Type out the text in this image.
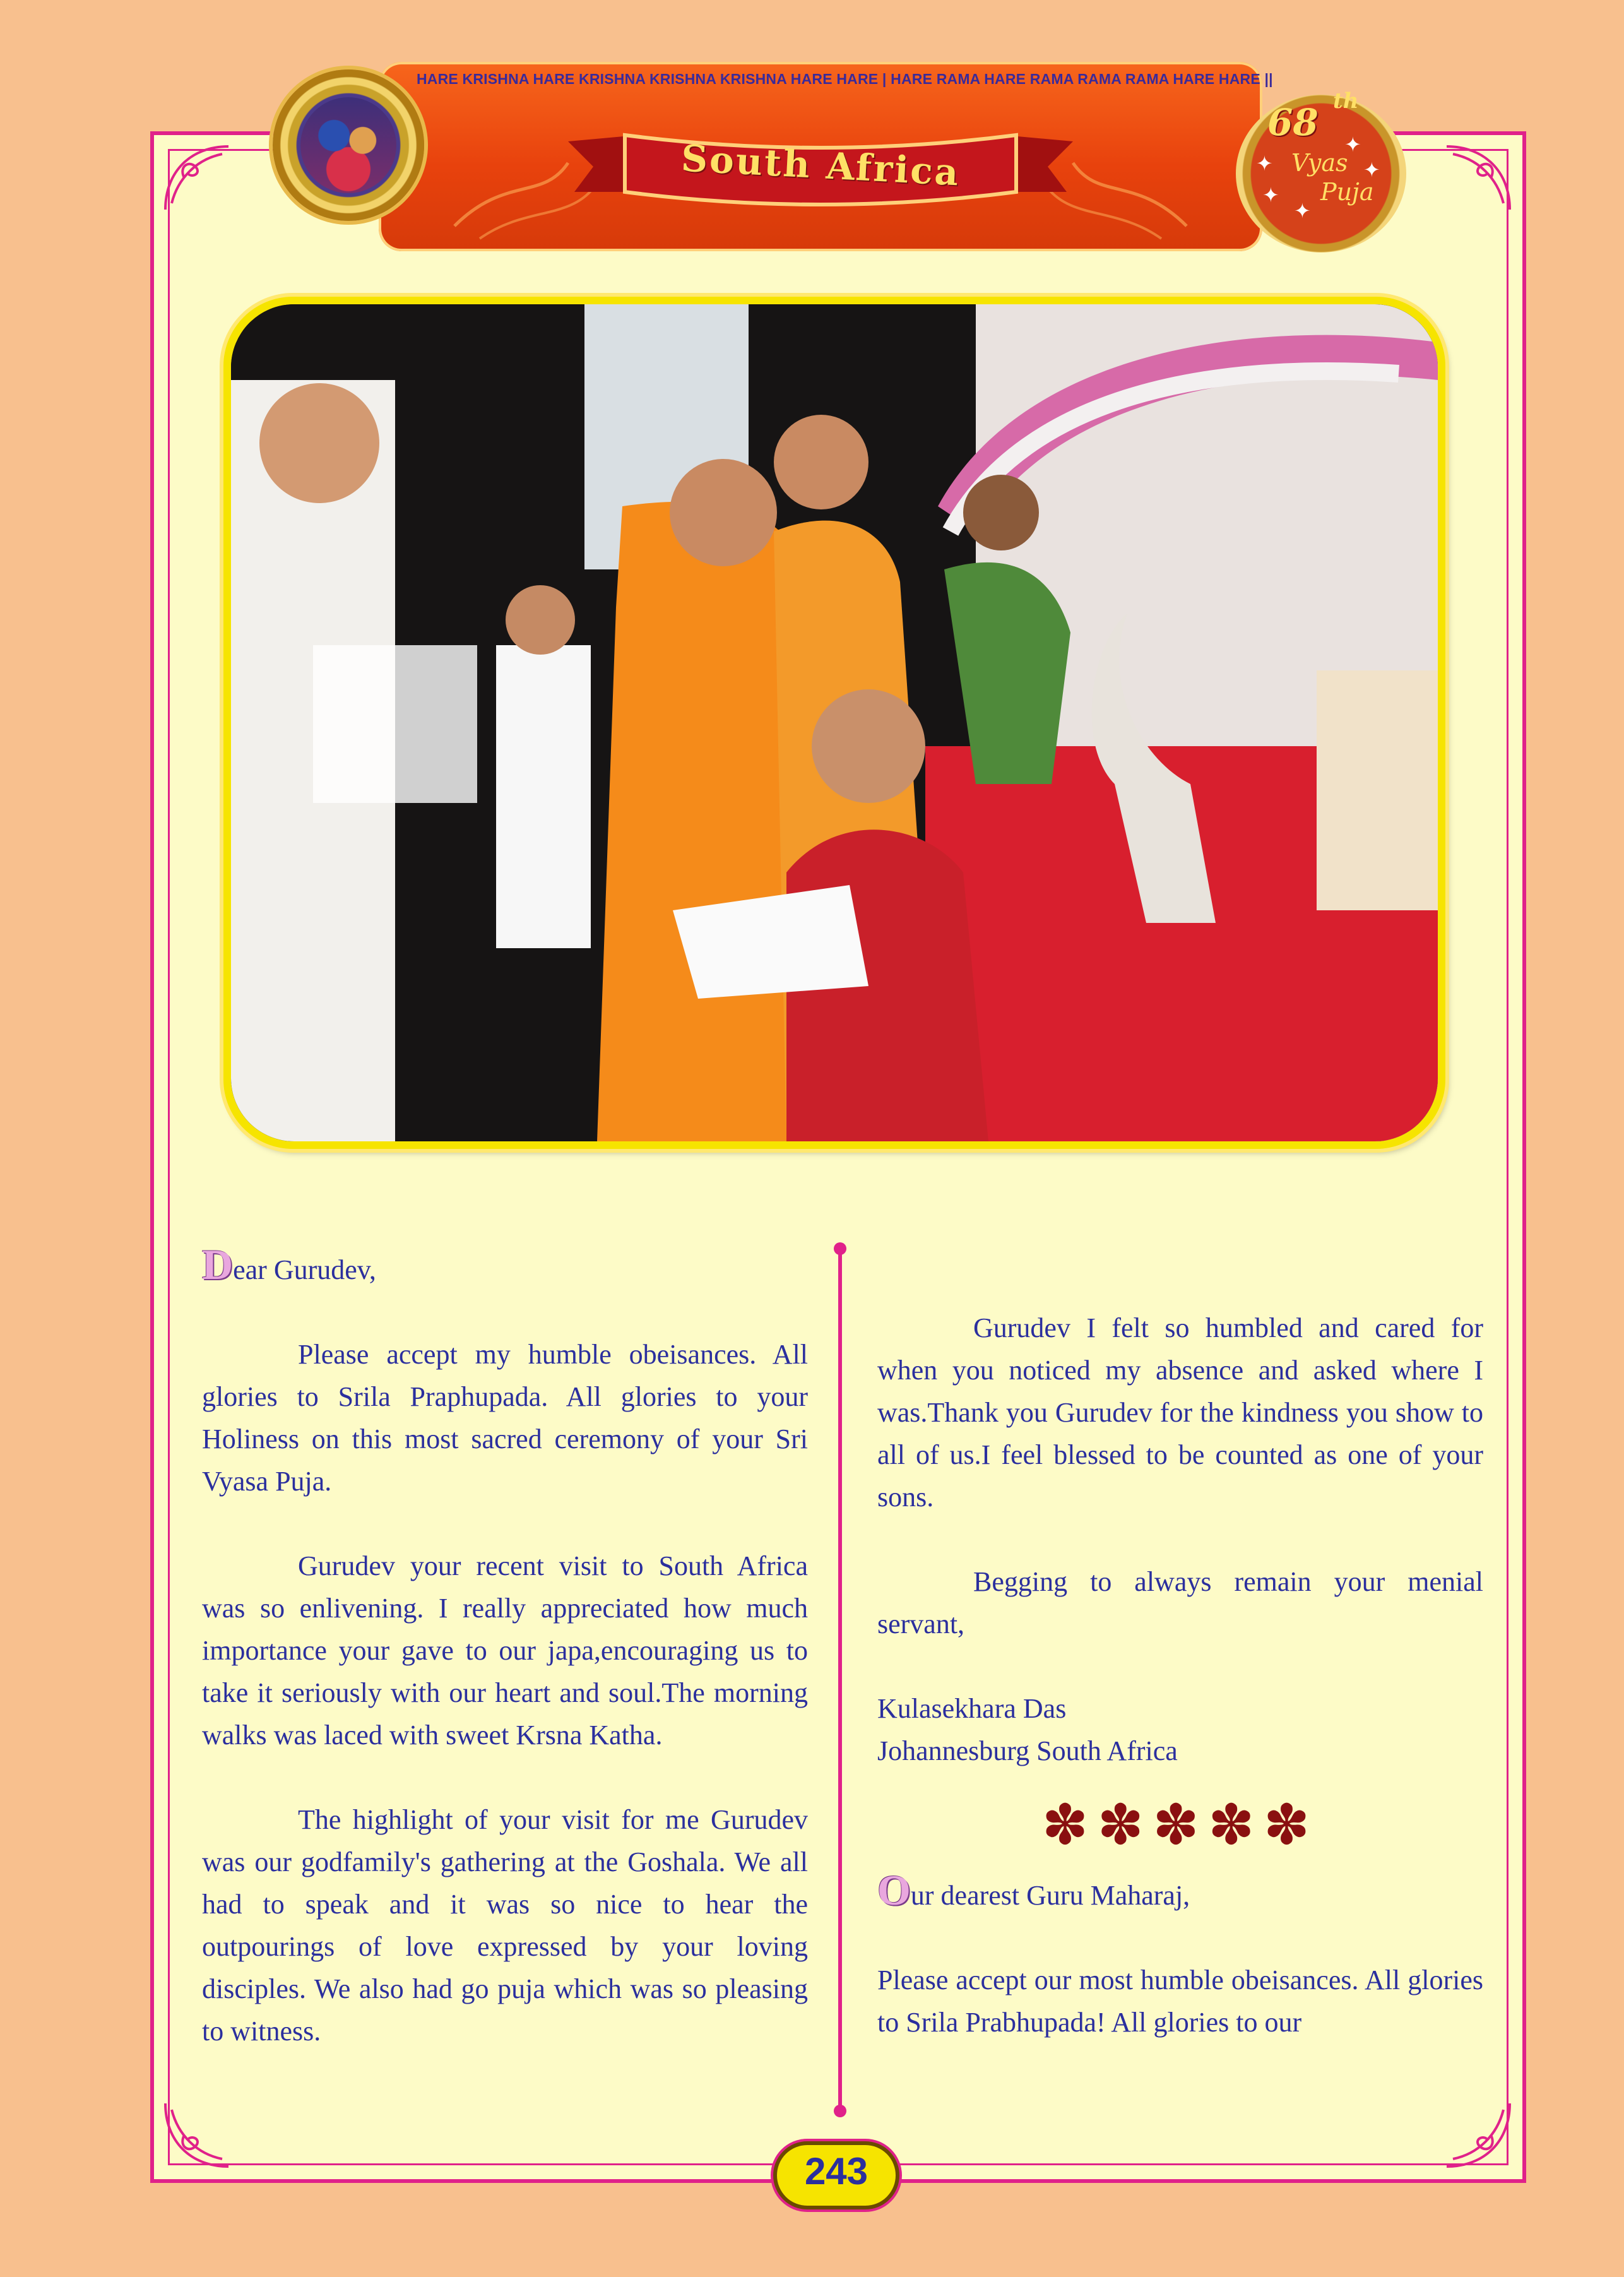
HARE KRISHNA HARE KRISHNA KRISHNA KRISHNA HARE HARE | HARE RAMA HARE RAMA RAMA RAMA HARE HARE ||
South Africa
68 th
Vyas
Puja
✦
✦
✦
✦
✦

Dear Gurudev,

Please accept my humble obeisances. All glories to Srila Praphupada. All glories to your Holiness on this most sacred ceremony of your Sri Vyasa Puja.

Gurudev your recent visit to South Africa was so enlivening. I really appreciated how much importance your gave to our japa,encouraging us to take it seriously with our heart and soul.The morning walks was laced with sweet Krsna Katha.

The highlight of your visit for me Gurudev was our godfamily's gathering at the Goshala. We all had to speak and it was so nice to hear the outpourings of love expressed by your loving disciples. We also had go puja which was so pleasing to witness.

Gurudev I felt so humbled and cared for when you noticed my absence and asked where I was.Thank you Gurudev for the kindness you show to all of us.I feel blessed to be counted as one of your sons.

Begging to always remain your menial servant,

Kulasekhara Das

Johannesburg South Africa

✽✽✽✽✽

Our dearest Guru Maharaj,

Please accept our most humble obeisances. All glories to Srila Prabhupada! All glories to our

243
